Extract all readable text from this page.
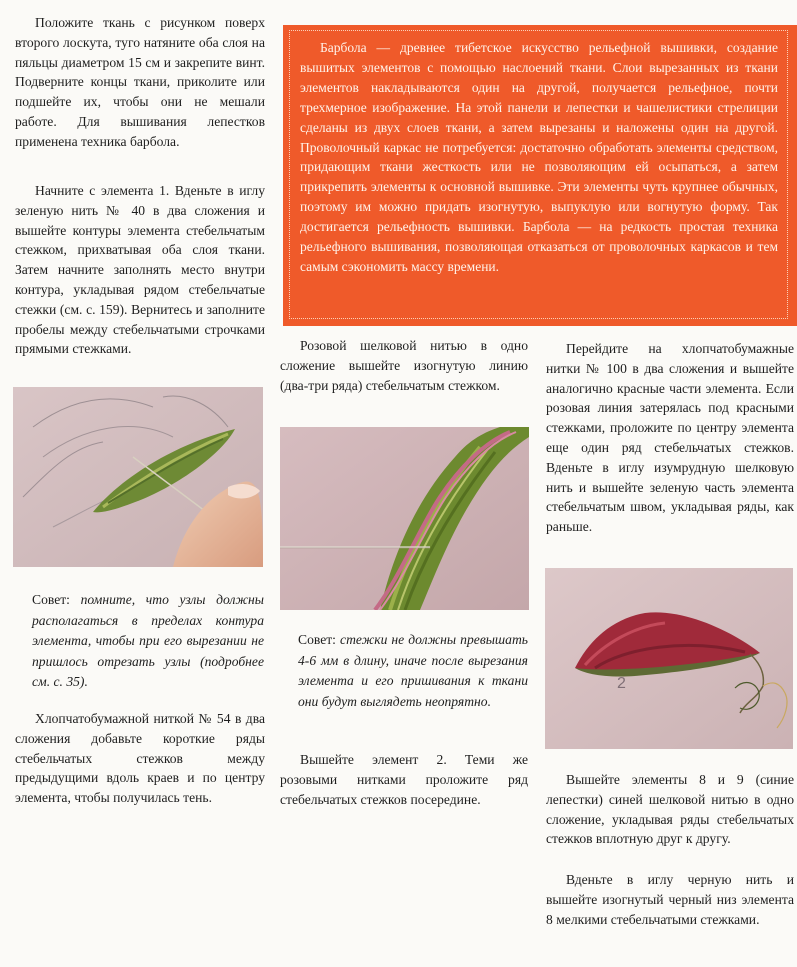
Положите ткань с рисунком поверх второго лоскута, туго натяните оба слоя на пяльцы диаметром 15 см и закрепите винт. Подверните концы ткани, приколите или подшейте их, чтобы они не мешали работе. Для вышивания лепестков применена техника барбола.

Начните с элемента 1. Вденьте в иглу зеленую нить № 40 в два сложения и вышейте контуры элемента стебельчатым стежком, прихватывая оба слоя ткани. Затем начните заполнять место внутри контура, укладывая рядом стебельчатые стежки (см. с. 159). Вернитесь и заполните пробелы между стебельчатыми строчками прямыми стежками.

Совет: помните, что узлы должны располагаться в пределах контура элемента, чтобы при его вырезании не пришлось отрезать узлы (подробнее см. с. 35).

Хлопчатобумажной ниткой № 54 в два сложения добавьте короткие ряды стебельчатых стежков между предыдущими вдоль краев и по центру элемента, чтобы получилась тень.

Барбола — древнее тибетское искусство рельефной вышивки, создание вышитых элементов с помощью наслоений ткани. Слои вырезанных из ткани элементов накладываются один на другой, получается рельефное, почти трехмерное изображение. На этой панели и лепестки и чашелистики стрелиции сделаны из двух слоев ткани, а затем вырезаны и наложены один на другой. Проволочный каркас не потребуется: достаточно обработать элементы средством, придающим ткани жесткость или не позволяющим ей осыпаться, а затем прикрепить элементы к основной вышивке. Эти элементы чуть крупнее обычных, поэтому им можно придать изогнутую, выпуклую или вогнутую форму. Так достигается рельефность вышивки. Барбола — на редкость простая техника рельефного вышивания, позволяющая отказаться от проволочных каркасов и тем самым сэкономить массу времени.

Розовой шелковой нитью в одно сложение вышейте изогнутую линию (два-три ряда) стебельчатым стежком.

Совет: стежки не должны превышать 4-6 мм в длину, иначе после вырезания элемента и его пришивания к ткани они будут выглядеть неопрятно.

Вышейте элемент 2. Теми же розовыми нитками проложите ряд стебельчатых стежков посередине.

Перейдите на хлопчатобумажные нитки № 100 в два сложения и вышейте аналогично красные части элемента. Если розовая линия затерялась под красными стежками, проложите по центру элемента еще один ряд стебельчатых стежков. Вденьте в иглу изумрудную шелковую нить и вышейте зеленую часть элемента стебельчатым швом, укладывая ряды, как раньше.

2

Вышейте элементы 8 и 9 (синие лепестки) синей шелковой нитью в одно сложение, укладывая ряды стебельчатых стежков вплотную друг к другу.

Вденьте в иглу черную нить и вышейте изогнутый черный низ элемента 8 мелкими стебельчатыми стежками.
